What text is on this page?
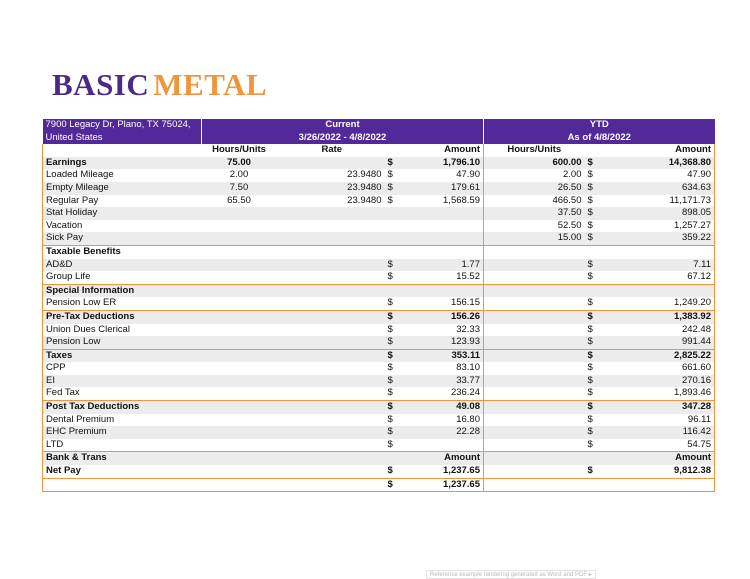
BASIC METAL
7900 Legacy Dr, Plano, TX 75024,	Current				YTD		
United States	3/26/2022 - 4/8/2022				As of 4/8/2022		
	Hours/Units	Rate		Amount	Hours/Units		Amount
Earnings	75.00		$	1,796.10	600.00	$	14,368.80
Loaded Mileage	2.00	23.9480	$	47.90	2.00	$	47.90
Empty Mileage	7.50	23.9480	$	179.61	26.50	$	634.63
Regular Pay	65.50	23.9480	$	1,568.59	466.50	$	11,171.73
Stat Holiday					37.50	$	898.05
Vacation					52.50	$	1,257.27
Sick Pay					15.00	$	359.22
Taxable Benefits							
AD&D			$	1.77		$	7.11
Group Life			$	15.52		$	67.12
Special Information							
Pension Low ER			$	156.15		$	1,249.20
Pre-Tax Deductions			$	156.26		$	1,383.92
Union Dues Clerical			$	32.33		$	242.48
Pension Low			$	123.93		$	991.44
Taxes			$	353.11		$	2,825.22
CPP			$	83.10		$	661.60
EI			$	33.77		$	270.16
Fed Tax			$	236.24		$	1,893.46
Post Tax Deductions			$	49.08		$	347.28
Dental Premium			$	16.80		$	96.11
EHC Premium			$	22.28		$	116.42
LTD			$			$	54.75
Bank & Trans				Amount			Amount
Net Pay			$	1,237.65		$	9,812.38
			$	1,237.65			
Reference example rendering generated as Word and PDF ▸
